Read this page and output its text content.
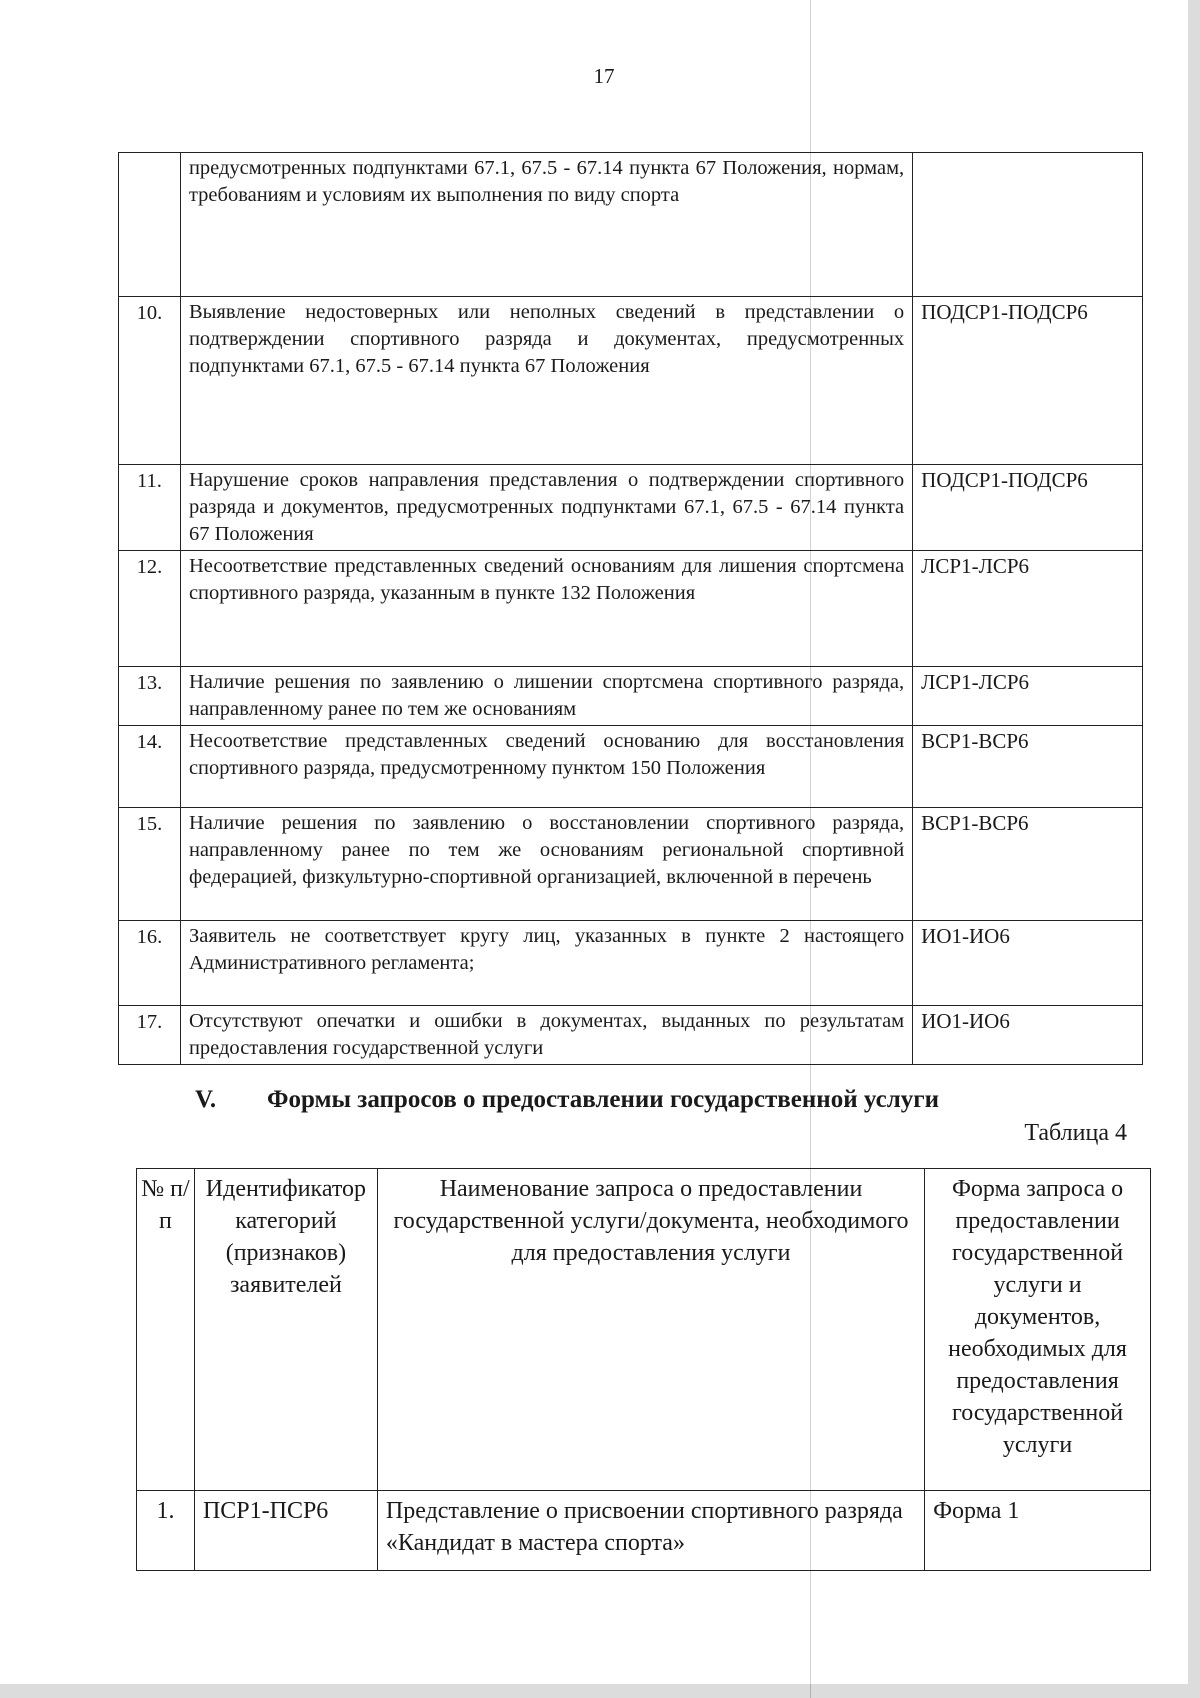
17
	предусмотренных подпунктами 67.1, 67.5 - 67.14 пункта 67 Положения, нормам, требованиям и условиям их выполнения по виду спорта	
10.	Выявление недостоверных или неполных сведений в представлении о подтверждении спортивного разряда и документах, предусмотренных подпунктами 67.1, 67.5 - 67.14 пункта 67 Положения	ПОДСР1-ПОДСР6
11.	Нарушение сроков направления представления о подтверждении спортивного разряда и документов, предусмотренных подпунктами 67.1, 67.5 - 67.14 пункта 67 Положения	ПОДСР1-ПОДСР6
12.	Несоответствие представленных сведений основаниям для лишения спортсмена спортивного разряда, указанным в пункте 132 Положения	ЛСР1-ЛСР6
13.	Наличие решения по заявлению о лишении спортсмена спортивного разряда, направленному ранее по тем же основаниям	ЛСР1-ЛСР6
14.	Несоответствие представленных сведений основанию для восстановления спортивного разряда, предусмотренному пунктом 150 Положения	ВСР1-ВСР6
15.	Наличие решения по заявлению о восстановлении спортивного разряда, направленному ранее по тем же основаниям региональной спортивной федерацией, физкультурно-спортивной организацией, включенной в перечень	ВСР1-ВСР6
16.	Заявитель не соответствует кругу лиц, указанных в пункте 2 настоящего Административного регламента;	ИО1-ИО6
17.	Отсутствуют опечатки и ошибки в документах, выданных по результатам предоставления государственной услуги	ИО1-ИО6
V. Формы запросов о предоставлении государственной услуги
Таблица 4
№ п/п	Идентификатор категорий (признаков) заявителей	Наименование запроса о предоставлении государственной услуги/документа, необходимого для предоставления услуги	Форма запроса о предоставлении государственной услуги и документов, необходимых для предоставления государственной услуги
1.	ПСР1-ПСР6	Представление о присвоении спортивного разряда «Кандидат в мастера спорта»	Форма 1
